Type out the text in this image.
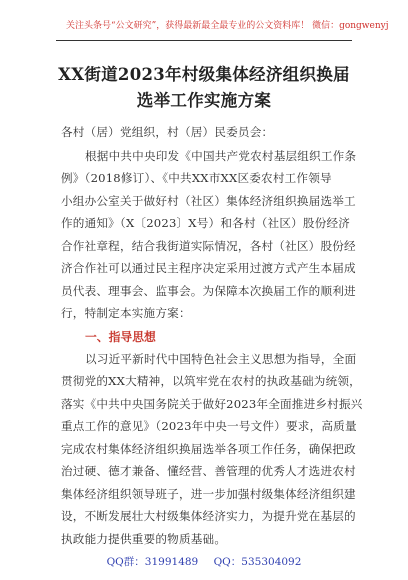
关注头条号“公文研究”，获得最新最全最专业的公文资料库！ 微信：gongwenyj
XX街道2023年村级集体经济组织换届
选举工作实施方案
各村（居）党组织，村（居）民委员会：
根据中共中央印发《中国共产党农村基层组织工作条
例》（2018修订）、《中共XX市XX区委农村工作领导
小组办公室关于做好村（社区）集体经济组织换届选举工
作的通知》（X〔2023〕X号）和各村（社区）股份经济
合作社章程，结合我街道实际情况，各村（社区）股份经
济合作社可以通过民主程序决定采用过渡方式产生本届成
员代表、理事会、监事会。为保障本次换届工作的顺利进
行，特制定本实施方案：
一、指导思想
以习近平新时代中国特色社会主义思想为指导，全面
贯彻党的XX大精神，以筑牢党在农村的执政基础为统领，
落实《中共中央国务院关于做好2023年全面推进乡村振兴
重点工作的意见》（2023年中央一号文件）要求，高质量
完成农村集体经济组织换届选举各项工作任务，确保把政
治过硬、德才兼备、懂经营、善管理的优秀人才选进农村
集体经济组织领导班子，进一步加强村级集体经济组织建
设，不断发展壮大村级集体经济实力，为提升党在基层的
执政能力提供重要的物质基础。
QQ群：31991489 QQ：535304092
